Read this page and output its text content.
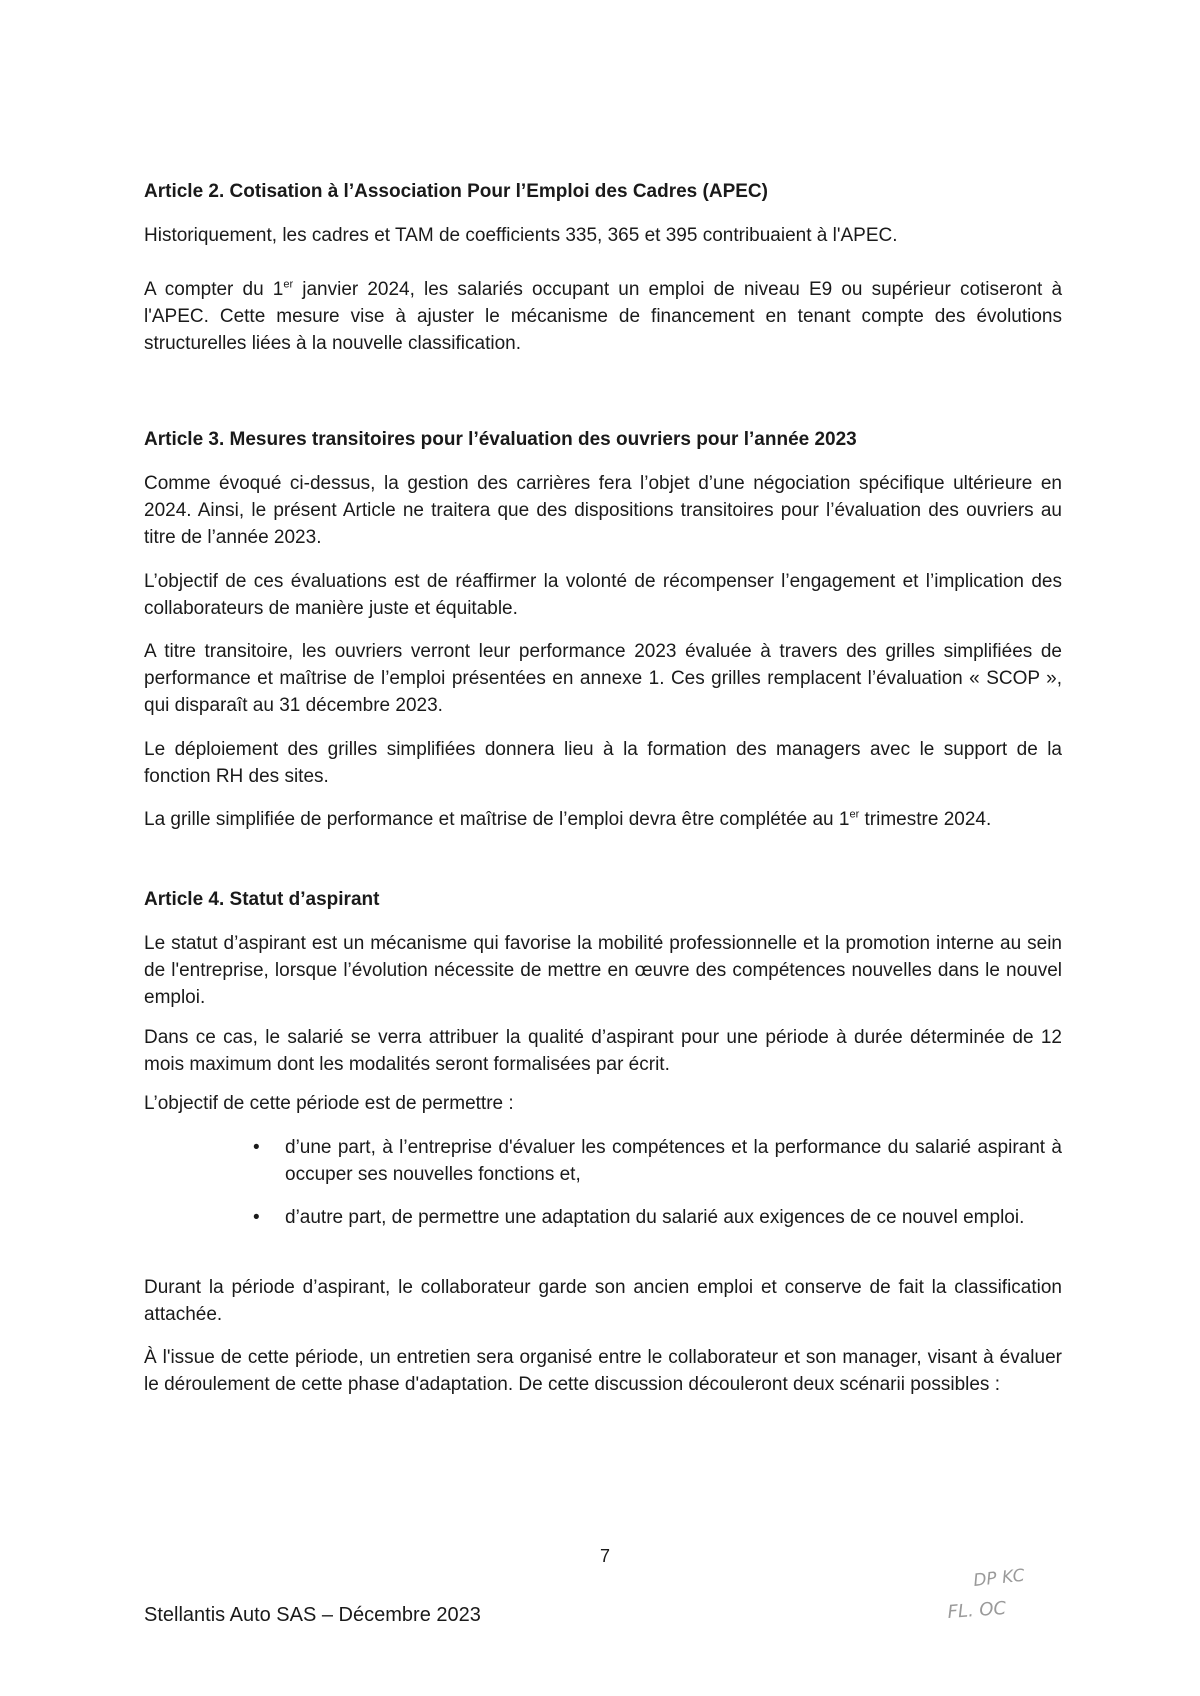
Article 2. Cotisation à l’Association Pour l’Emploi des Cadres (APEC)

Historiquement, les cadres et TAM de coefficients 335, 365 et 395 contribuaient à l'APEC.

A compter du 1er janvier 2024, les salariés occupant un emploi de niveau E9 ou supérieur cotiseront à l'APEC. Cette mesure vise à ajuster le mécanisme de financement en tenant compte des évolutions structurelles liées à la nouvelle classification.

Article 3. Mesures transitoires pour l’évaluation des ouvriers pour l’année 2023

Comme évoqué ci-dessus, la gestion des carrières fera l’objet d’une négociation spécifique ultérieure en 2024. Ainsi, le présent Article ne traitera que des dispositions transitoires pour l’évaluation des ouvriers au titre de l’année 2023.

L’objectif de ces évaluations est de réaffirmer la volonté de récompenser l’engagement et l’implication des collaborateurs de manière juste et équitable.

A titre transitoire, les ouvriers verront leur performance 2023 évaluée à travers des grilles simplifiées de performance et maîtrise de l’emploi présentées en annexe 1. Ces grilles remplacent l’évaluation « SCOP », qui disparaît au 31 décembre 2023.

Le déploiement des grilles simplifiées donnera lieu à la formation des managers avec le support de la fonction RH des sites.

La grille simplifiée de performance et maîtrise de l’emploi devra être complétée au 1er trimestre 2024.

Article 4. Statut d’aspirant

Le statut d’aspirant est un mécanisme qui favorise la mobilité professionnelle et la promotion interne au sein de l'entreprise, lorsque l’évolution nécessite de mettre en œuvre des compétences nouvelles dans le nouvel emploi.

Dans ce cas, le salarié se verra attribuer la qualité d’aspirant pour une période à durée déterminée de 12 mois maximum dont les modalités seront formalisées par écrit.

L’objectif de cette période est de permettre :

• d’une part, à l’entreprise d'évaluer les compétences et la performance du salarié aspirant à occuper ses nouvelles fonctions et,
• d’autre part, de permettre une adaptation du salarié aux exigences de ce nouvel emploi.

Durant la période d’aspirant, le collaborateur garde son ancien emploi et conserve de fait la classification attachée.

À l'issue de cette période, un entretien sera organisé entre le collaborateur et son manager, visant à évaluer le déroulement de cette phase d'adaptation. De cette discussion découleront deux scénarii possibles :

7
Stellantis Auto SAS – Décembre 2023
DP KC
FL. OC
